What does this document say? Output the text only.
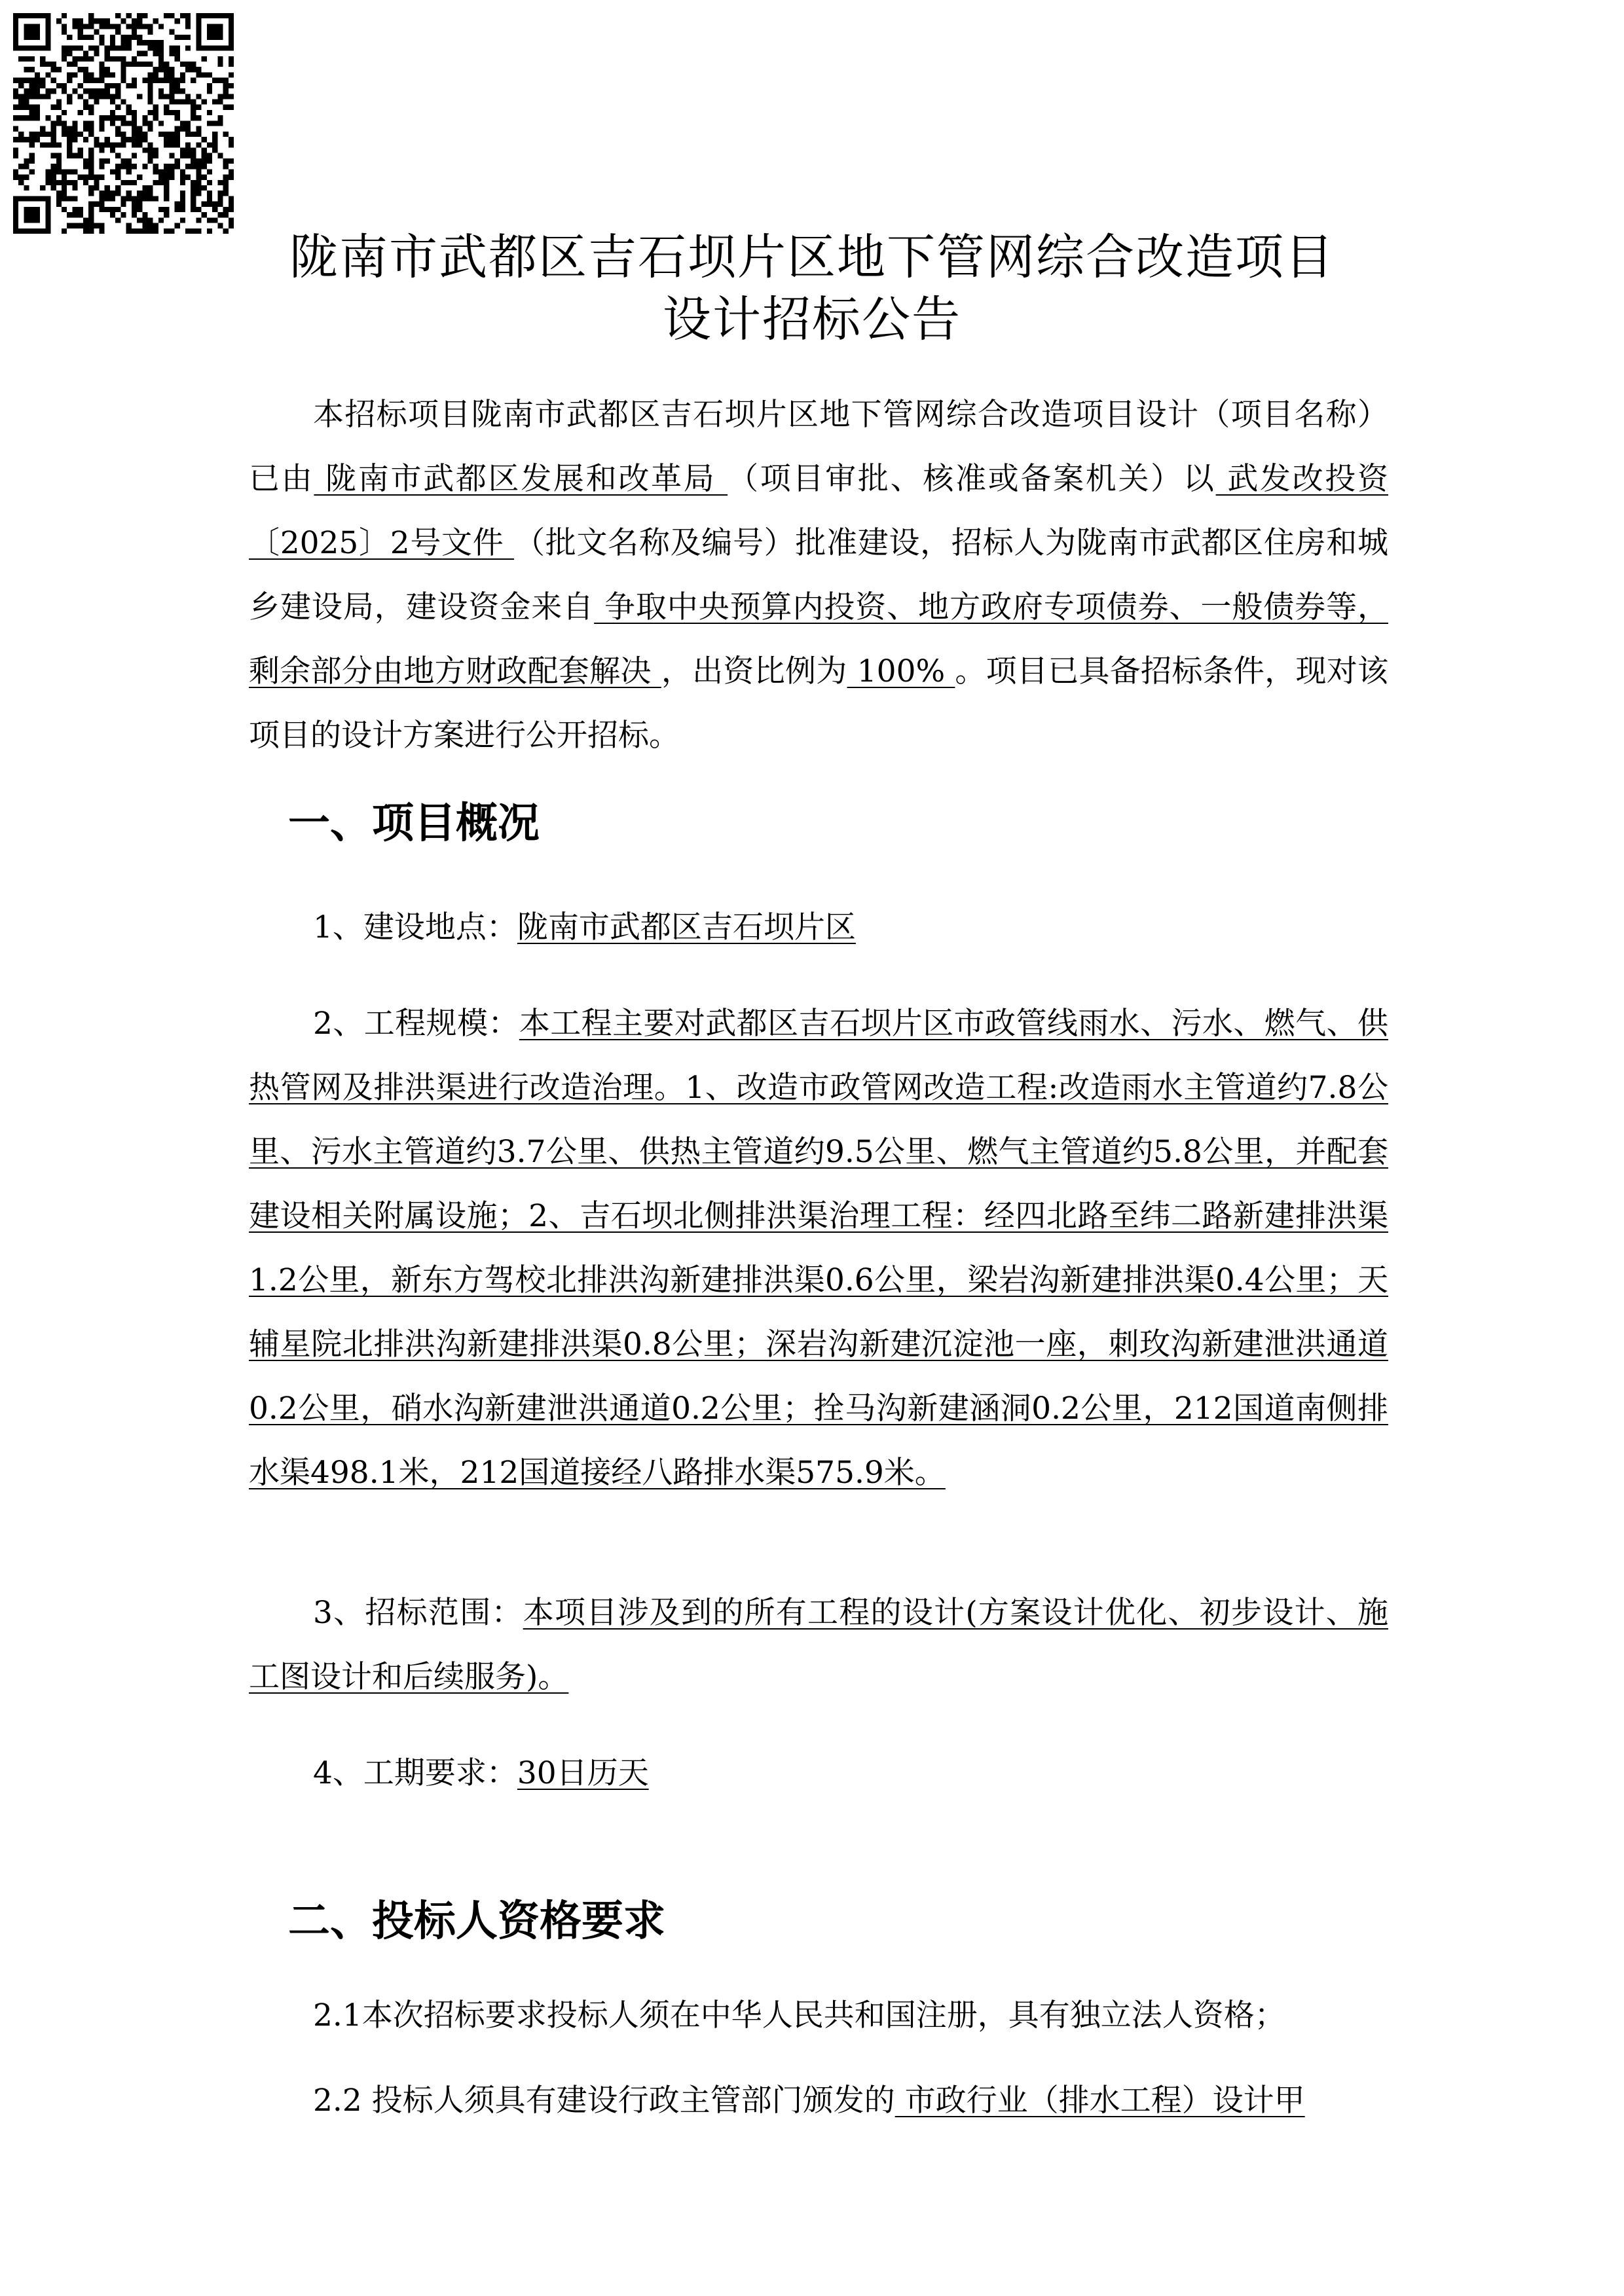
陇南市武都区吉石坝片区地下管网综合改造项目
设计招标公告

本招标项目陇南市武都区吉石坝片区地下管网综合改造项目设计（项目名称）已由 陇南市武都区发展和改革局 （项目审批、核准或备案机关）以 武发改投资〔2025〕2号文件 （批文名称及编号）批准建设，招标人为陇南市武都区住房和城乡建设局，建设资金来自 争取中央预算内投资、地方政府专项债券、一般债券等，剩余部分由地方财政配套解决 ，出资比例为 100% 。项目已具备招标条件，现对该项目的设计方案进行公开招标。

一、项目概况

1、建设地点：陇南市武都区吉石坝片区

2、工程规模：本工程主要对武都区吉石坝片区市政管线雨水、污水、燃气、供热管网及排洪渠进行改造治理。1、改造市政管网改造工程:改造雨水主管道约7.8公里、污水主管道约3.7公里、供热主管道约9.5公里、燃气主管道约5.8公里，并配套建设相关附属设施；2、吉石坝北侧排洪渠治理工程：经四北路至纬二路新建排洪渠1.2公里，新东方驾校北排洪沟新建排洪渠0.6公里，梁岩沟新建排洪渠0.4公里；天辅星院北排洪沟新建排洪渠0.8公里；深岩沟新建沉淀池一座，刺玫沟新建泄洪通道0.2公里，硝水沟新建泄洪通道0.2公里；拴马沟新建涵洞0.2公里，212国道南侧排水渠498.1米，212国道接经八路排水渠575.9米。

3、招标范围：本项目涉及到的所有工程的设计(方案设计优化、初步设计、施工图设计和后续服务)。

4、工期要求：30日历天

二、投标人资格要求

2.1本次招标要求投标人须在中华人民共和国注册，具有独立法人资格；

2.2 投标人须具有建设行政主管部门颁发的 市政行业（排水工程）设计甲
